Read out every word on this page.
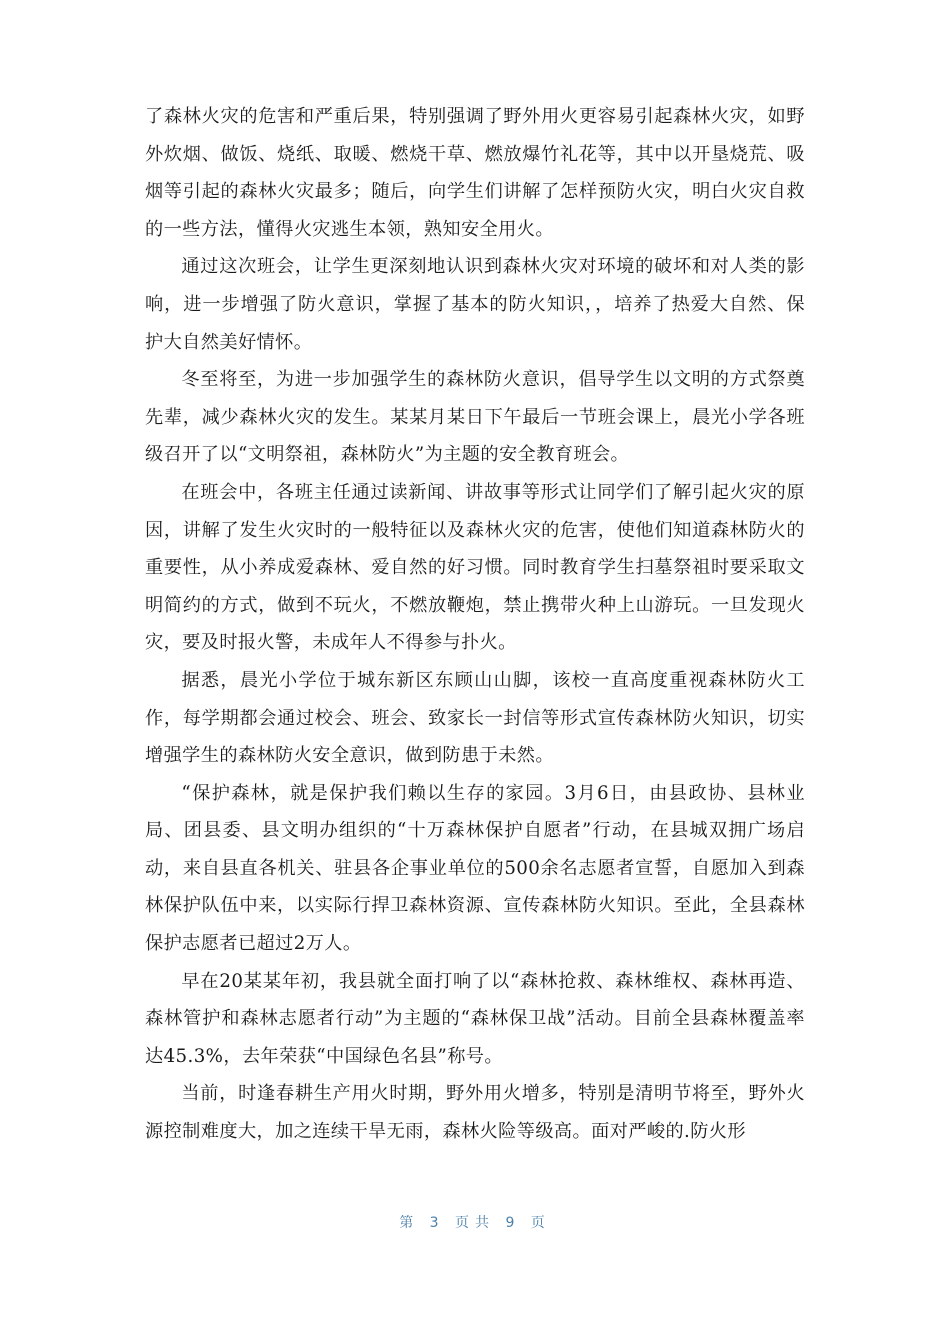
了森林火灾的危害和严重后果，特别强调了野外用火更容易引起森林火灾，如野外炊烟、做饭、烧纸、取暖、燃烧干草、燃放爆竹礼花等，其中以开垦烧荒、吸烟等引起的森林火灾最多；随后，向学生们讲解了怎样预防火灾，明白火灾自救的一些方法，懂得火灾逃生本领，熟知安全用火。

通过这次班会，让学生更深刻地认识到森林火灾对环境的破坏和对人类的影响，进一步增强了防火意识，掌握了基本的防火知识，，培养了热爱大自然、保护大自然美好情怀。

冬至将至，为进一步加强学生的森林防火意识，倡导学生以文明的方式祭奠先辈，减少森林火灾的发生。某某月某日下午最后一节班会课上，晨光小学各班级召开了以“文明祭祖，森林防火”为主题的安全教育班会。

在班会中，各班主任通过读新闻、讲故事等形式让同学们了解引起火灾的原因，讲解了发生火灾时的一般特征以及森林火灾的危害，使他们知道森林防火的重要性，从小养成爱森林、爱自然的好习惯。同时教育学生扫墓祭祖时要采取文明简约的方式，做到不玩火，不燃放鞭炮，禁止携带火种上山游玩。一旦发现火灾，要及时报火警，未成年人不得参与扑火。

据悉，晨光小学位于城东新区东顾山山脚，该校一直高度重视森林防火工作，每学期都会通过校会、班会、致家长一封信等形式宣传森林防火知识，切实增强学生的森林防火安全意识，做到防患于未然。

“保护森林，就是保护我们赖以生存的家园。3月6日，由县政协、县林业局、团县委、县文明办组织的“十万森林保护自愿者”行动，在县城双拥广场启动，来自县直各机关、驻县各企事业单位的500余名志愿者宣誓，自愿加入到森林保护队伍中来，以实际行捍卫森林资源、宣传森林防火知识。至此，全县森林保护志愿者已超过2万人。

早在20某某年初，我县就全面打响了以“森林抢救、森林维权、森林再造、森林管护和森林志愿者行动”为主题的“森林保卫战”活动。目前全县森林覆盖率达45.3%，去年荣获“中国绿色名县”称号。

当前，时逢春耕生产用火时期，野外用火增多，特别是清明节将至，野外火源控制难度大，加之连续干旱无雨，森林火险等级高。面对严峻的.防火形

第 3 页共 9 页
